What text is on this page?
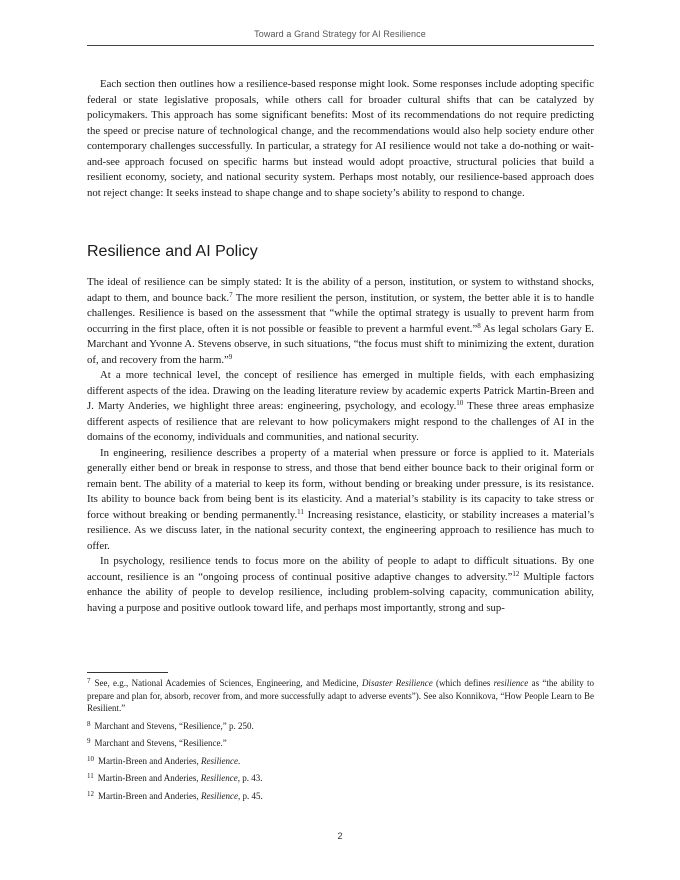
Toward a Grand Strategy for AI Resilience

Each section then outlines how a resilience-based response might look. Some responses include adopting specific federal or state legislative proposals, while others call for broader cultural shifts that can be catalyzed by policymakers. This approach has some significant benefits: Most of its recommendations do not require predicting the speed or precise nature of technological change, and the recommendations would also help society endure other contemporary challenges successfully. In particular, a strategy for AI resilience would not take a do-nothing or wait-and-see approach focused on specific harms but instead would adopt proactive, structural policies that build a resilient economy, society, and national security system. Perhaps most notably, our resilience-based approach does not reject change: It seeks instead to shape change and to shape society’s ability to respond to change.

Resilience and AI Policy

The ideal of resilience can be simply stated: It is the ability of a person, institution, or system to withstand shocks, adapt to them, and bounce back.$^7$ The more resilient the person, institution, or system, the better able it is to handle challenges. Resilience is based on the assessment that “while the optimal strategy is usually to prevent harm from occurring in the first place, often it is not possible or feasible to prevent a harmful event.”$^8$ As legal scholars Gary E. Marchant and Yvonne A. Stevens observe, in such situations, “the focus must shift to minimizing the extent, duration of, and recovery from the harm.”$^9$

At a more technical level, the concept of resilience has emerged in multiple fields, with each emphasizing different aspects of the idea. Drawing on the leading literature review by academic experts Patrick Martin-Breen and J. Marty Anderies, we highlight three areas: engineering, psychology, and ecology.$^{10}$ These three areas emphasize different aspects of resilience that are relevant to how policymakers might respond to the challenges of AI in the domains of the economy, individuals and communities, and national security.

In engineering, resilience describes a property of a material when pressure or force is applied to it. Materials generally either bend or break in response to stress, and those that bend either bounce back to their original form or remain bent. The ability of a material to keep its form, without bending or breaking under pressure, is its resistance. Its ability to bounce back from being bent is its elasticity. And a material’s stability is its capacity to take stress or force without breaking or bending permanently.$^{11}$ Increasing resistance, elasticity, or stability increases a material’s resilience. As we discuss later, in the national security context, the engineering approach to resilience has much to offer.

In psychology, resilience tends to focus more on the ability of people to adapt to difficult situations. By one account, resilience is an “ongoing process of continual positive adaptive changes to adversity.”$^{12}$ Multiple factors enhance the ability of people to develop resilience, including problem-solving capacity, communication ability, having a purpose and positive outlook toward life, and perhaps most importantly, strong and sup-

$^7$ See, e.g., National Academies of Sciences, Engineering, and Medicine, Disaster Resilience (which defines resilience as “the ability to prepare and plan for, absorb, recover from, and more successfully adapt to adverse events”). See also Konnikova, “How People Learn to Be Resilient.”

$^8$ Marchant and Stevens, “Resilience,” p. 250.

$^9$ Marchant and Stevens, “Resilience.”

$^{10}$ Martin-Breen and Anderies, Resilience.

$^{11}$ Martin-Breen and Anderies, Resilience, p. 43.

$^{12}$ Martin-Breen and Anderies, Resilience, p. 45.

2
